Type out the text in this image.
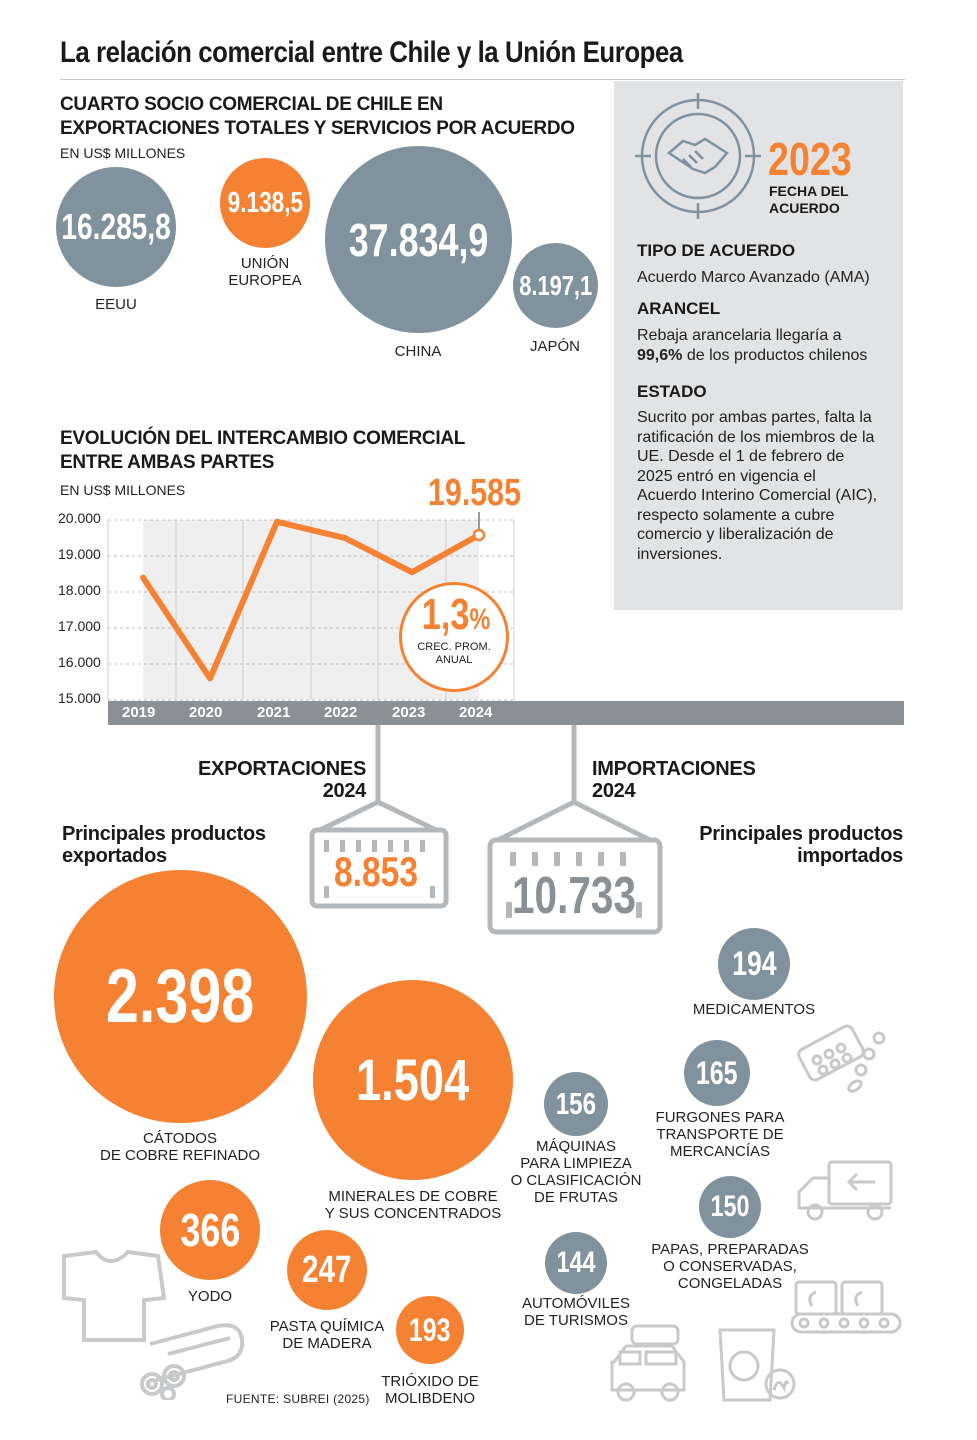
La relación comercial entre Chile y la Unión Europea
CUARTO SOCIO COMERCIAL DE CHILE EN
EXPORTACIONES TOTALES Y SERVICIOS POR ACUERDO
EN US$ MILLONES
16.285,8
EEUU
9.138,5
UNIÓN
EUROPEA
37.834,9
CHINA
8.197,1
JAPÓN
2023
FECHA DEL
ACUERDO
TIPO DE ACUERDO
Acuerdo Marco Avanzado (AMA)
ARANCEL
Rebaja arancelaria llegaría a
99,6% de los productos chilenos
ESTADO
Sucrito por ambas partes, falta la
ratificación de los miembros de la
UE. Desde el 1 de febrero de
2025 entró en vigencia el
Acuerdo Interino Comercial (AIC),
respecto solamente a cubre
comercio y liberalización de
inversiones.
EVOLUCIÓN DEL INTERCAMBIO COMERCIAL
ENTRE AMBAS PARTES
EN US$ MILLONES	19.585
20.000
19.000
18.000
17.000
16.000
15.000
2019 2020 2021 2022 2023 2024
1,3%
CREC. PROM.
ANUAL
EXPORTACIONES
2024
IMPORTACIONES
2024
8.853 10.733
Principales productos
exportados
Principales productos
importados
2.398
CÁTODOS
DE COBRE REFINADO
1.504
MINERALES DE COBRE
Y SUS CONCENTRADOS
366
YODO
247
PASTA QUÍMICA
DE MADERA	193
TRIÓXIDO DE
MOLIBDENO
FUENTE: SUBREI (2025)
194
MEDICAMENTOS
165
FURGONES PARA
TRANSPORTE DE
MERCANCÍAS
156
MÁQUINAS
PARA LIMPIEZA
O CLASIFICACIÓN
DE FRUTAS	150
PAPAS, PREPARADAS
O CONSERVADAS,
CONGELADAS
144
AUTOMÓVILES
DE TURISMOS
